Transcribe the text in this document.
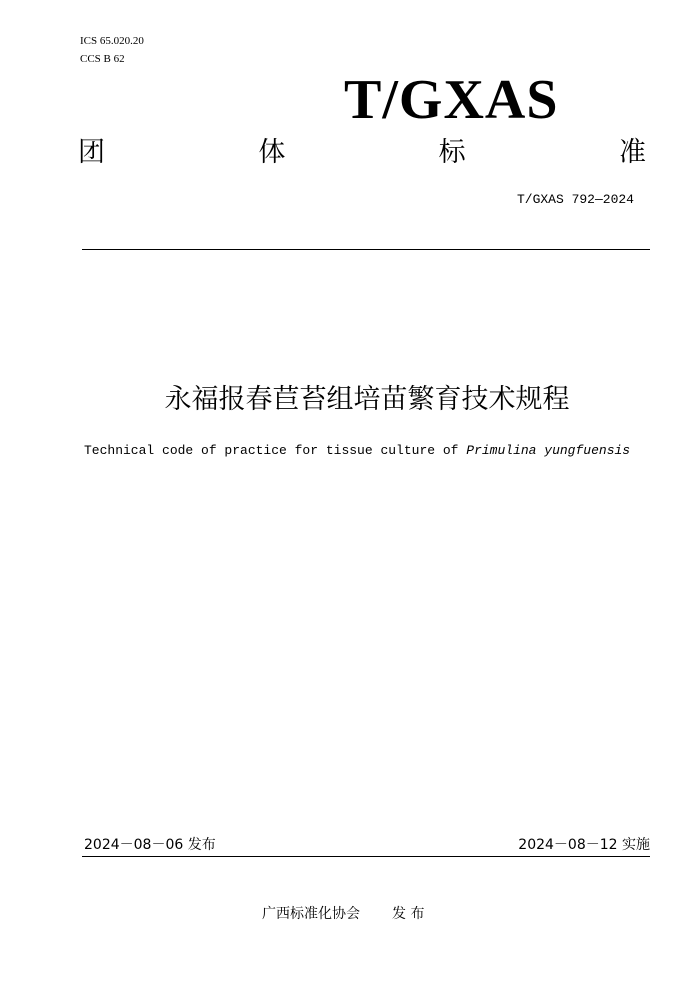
ICS 65.020.20
CCS B 62
T/GXAS
团	体	标	准
T/GXAS 792—2024
永福报春苣苔组培苗繁育技术规程
Technical code of practice for tissue culture of Primulina yungfuensis
2024－08－06 发布	2024－08－12 实施
广西标准化协会 发 布
